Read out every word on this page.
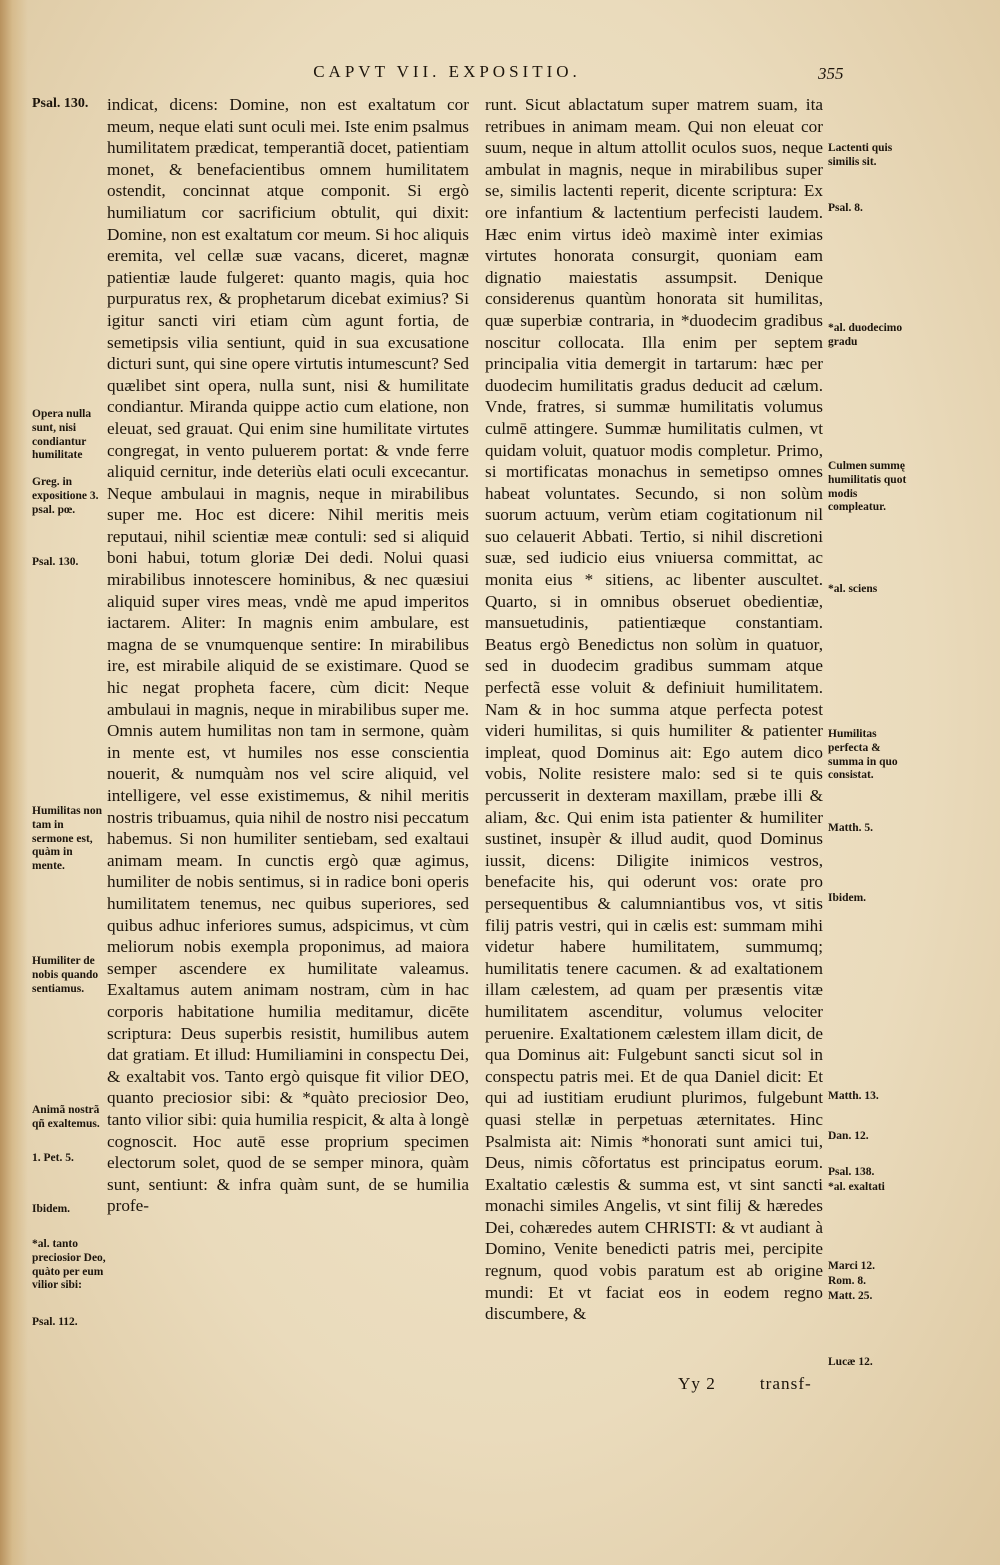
CAPVT VII. EXPOSITIO.	355

indicat, dicens: Domine, non est exaltatum cor meum, neque elati sunt oculi mei. Iste enim psalmus humilitatem prædicat, temperantiã docet, patientiam monet, & benefacientibus omnem humilitatem ostendit, concinnat atque componit. Si ergò humiliatum cor sacrificium obtulit, qui dixit: Domine, non est exaltatum cor meum. Si hoc aliquis eremita, vel cellæ suæ vacans, diceret, magnæ patientiæ laude fulgeret: quanto magis, quia hoc purpuratus rex, & prophetarum dicebat eximius? Si igitur sancti viri etiam cùm agunt fortia, de semetipsis vilia sentiunt, quid in sua excusatione dicturi sunt, qui sine opere virtutis intumescunt? Sed quælibet sint opera, nulla sunt, nisi & humilitate condiantur. Miranda quippe actio cum elatione, non eleuat, sed grauat. Qui enim sine humilitate virtutes congregat, in vento puluerem portat: & vnde ferre aliquid cernitur, inde deteriùs elati oculi excecantur. Neque ambulaui in magnis, neque in mirabilibus super me. Hoc est dicere: Nihil meritis meis reputaui, nihil scientiæ meæ contuli: sed si aliquid boni habui, totum gloriæ Dei dedi. Nolui quasi mirabilibus innotescere hominibus, & nec quæsiui aliquid super vires meas, vndè me apud imperitos iactarem. Aliter: In magnis enim ambulare, est magna de se vnumquenque sentire: In mirabilibus ire, est mirabile aliquid de se existimare. Quod se hic negat propheta facere, cùm dicit: Neque ambulaui in magnis, neque in mirabilibus super me. Omnis autem humilitas non tam in sermone, quàm in mente est, vt humiles nos esse conscientia nouerit, & numquàm nos vel scire aliquid, vel intelligere, vel esse existimemus, & nihil meritis nostris tribuamus, quia nihil de nostro nisi peccatum habemus. Si non humiliter sentiebam, sed exaltaui animam meam. In cunctis ergò quæ agimus, humiliter de nobis sentimus, si in radice boni operis humilitatem tenemus, nec quibus superiores, sed quibus adhuc inferiores sumus, adspicimus, vt cùm meliorum nobis exempla proponimus, ad maiora semper ascendere ex humilitate valeamus. Exaltamus autem animam nostram, cùm in hac corporis habitatione humilia meditamur, dicēte scriptura: Deus superbis resistit, humilibus autem dat gratiam. Et illud: Humiliamini in conspectu Dei, & exaltabit vos. Tanto ergò quisque fit vilior DEO, quanto preciosior sibi: & *quàto preciosior Deo, tanto vilior sibi: quia humilia respicit, & alta à longè cognoscit. Hoc autē esse proprium specimen electorum solet, quod de se semper minora, quàm sunt, sentiunt: & infra quàm sunt, de se humilia profe-

runt. Sicut ablactatum super matrem suam, ita retribues in animam meam. Qui non eleuat cor suum, neque in altum attollit oculos suos, neque ambulat in magnis, neque in mirabilibus super se, similis lactenti reperit, dicente scriptura: Ex ore infantium & lactentium perfecisti laudem. Hæc enim virtus ideò maximè inter eximias virtutes honorata consurgit, quoniam eam dignatio maiestatis assumpsit. Denique considerenus quantùm honorata sit humilitas, quæ superbiæ contraria, in *duodecim gradibus noscitur collocata. Illa enim per septem principalia vitia demergit in tartarum: hæc per duodecim humilitatis gradus deducit ad cælum. Vnde, fratres, si summæ humilitatis volumus culmē attingere. Summæ humilitatis culmen, vt quidam voluit, quatuor modis completur. Primo, si mortificatas monachus in semetipso omnes habeat voluntates. Secundo, si non solùm suorum actuum, verùm etiam cogitationum nil suo celauerit Abbati. Tertio, si nihil discretioni suæ, sed iudicio eius vniuersa committat, ac monita eius * sitiens, ac libenter auscultet. Quarto, si in omnibus obseruet obedientiæ, mansuetudinis, patientiæque constantiam. Beatus ergò Benedictus non solùm in quatuor, sed in duodecim gradibus summam atque perfectã esse voluit & definiuit humilitatem. Nam & in hoc summa atque perfecta potest videri humilitas, si quis humiliter & patienter impleat, quod Dominus ait: Ego autem dico vobis, Nolite resistere malo: sed si te quis percusserit in dexteram maxillam, præbe illi & aliam, &c. Qui enim ista patienter & humiliter sustinet, insupèr & illud audit, quod Dominus iussit, dicens: Diligite inimicos vestros, benefacite his, qui oderunt vos: orate pro persequentibus & calumniantibus vos, vt sitis filij patris vestri, qui in cælis est: summam mihi videtur habere humilitatem, summumq; humilitatis tenere cacumen. & ad exaltationem illam cælestem, ad quam per præsentis vitæ humilitatem ascenditur, volumus velociter peruenire. Exaltationem cælestem illam dicit, de qua Dominus ait: Fulgebunt sancti sicut sol in conspectu patris mei. Et de qua Daniel dicit: Et qui ad iustitiam erudiunt plurimos, fulgebunt quasi stellæ in perpetuas æternitates. Hinc Psalmista ait: Nimis *honorati sunt amici tui, Deus, nimis cõfortatus est principatus eorum. Exaltatio cælestis & summa est, vt sint sancti monachi similes Angelis, vt sint filij & hæredes Dei, cohæredes autem CHRISTI: & vt audiant à Domino, Venite benedicti patris mei, percipite regnum, quod vobis paratum est ab origine mundi: Et vt faciat eos in eodem regno discumbere, &

Psal. 130.
Opera nulla sunt, nisi condiantur humilitate
Greg. in expositione 3. psal. pœ.
Psal. 130.
Humilitas non tam in sermone est, quàm in mente.
Humiliter de nobis quando sentiamus.
Animã nostrã qñ exaltemus.
1. Pet. 5.
Ibidem.
*al. tanto preciosior Deo, quàto per eum vilior sibi:
Psal. 112.
Lactenti quis similis sit.
Psal. 8.
*al. duodecimo gradu
Culmen summę humilitatis quot modis compleatur.
*al. sciens
Humilitas perfecta & summa in quo consistat.
Matth. 5.
Ibidem.
Matth. 13.
Dan. 12.
Psal. 138.
*al. exaltati
Marci 12.
Rom. 8.
Matt. 25.
Lucæ 12.
Yy 2	transf-
